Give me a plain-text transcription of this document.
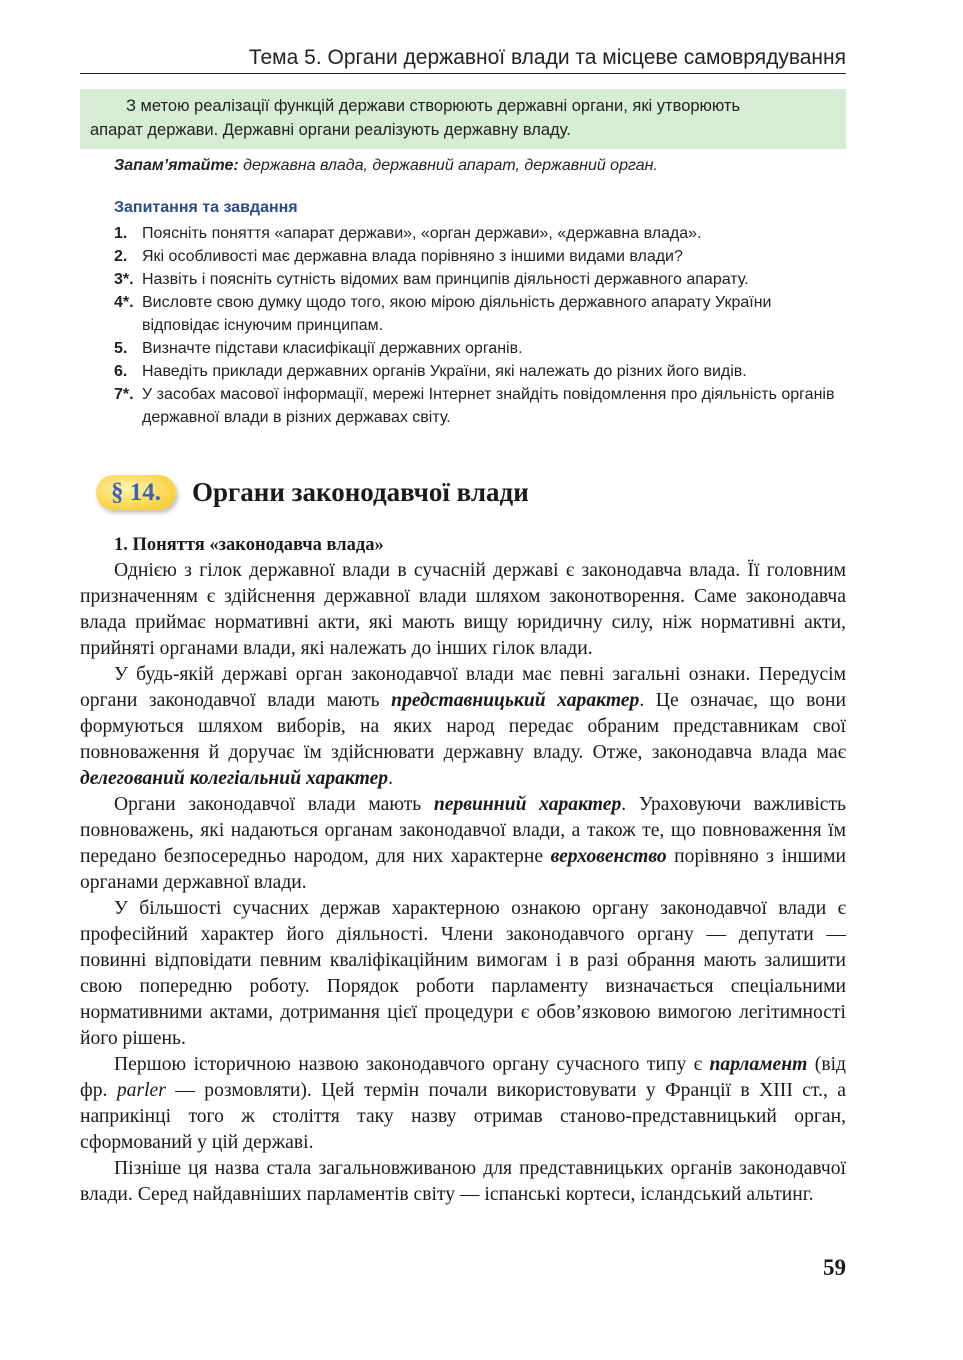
Тема 5. Органи державної влади та місцеве самоврядування
З метою реалізації функцій держави створюють державні органи, які утворюють
апарат держави. Державні органи реалізують державну владу.
Запам’ятайте: державна влада, державний апарат, державний орган.
Запитання та завдання
1. Поясніть поняття «апарат держави», «орган держави», «державна влада».
2. Які особливості має державна влада порівняно з іншими видами влади?
3*. Назвіть і поясніть сутність відомих вам принципів діяльності державного апарату.
4*. Висловте свою думку щодо того, якою мірою діяльність державного апарату України відповідає існуючим принципам.
5. Визначте підстави класифікації державних органів.
6. Наведіть приклади державних органів України, які належать до різних його видів.
7*. У засобах масової інформації, мережі Інтернет знайдіть повідомлення про діяльність органів державної влади в різних державах світу.
§ 14.	Органи законодавчої влади
1. Поняття «законодавча влада»

Однією з гілок державної влади в сучасній державі є законодавча влада. Її головним призначенням є здійснення державної влади шляхом законотворення. Саме законодавча влада приймає нормативні акти, які мають вищу юридичну силу, ніж нормативні акти, прийняті органами влади, які належать до інших гілок влади.

У будь-якій державі орган законодавчої влади має певні загальні ознаки. Передусім органи законодавчої влади мають представницький характер. Це означає, що вони формуються шляхом виборів, на яких народ передає обраним представникам свої повноваження й доручає їм здійснювати державну владу. Отже, законодавча влада має делегований колегіальний характер.

Органи законодавчої влади мають первинний характер. Ураховуючи важливість повноважень, які надаються органам законодавчої влади, а також те, що повноваження їм передано безпосередньо народом, для них характерне верховенство порівняно з іншими органами державної влади.

У більшості сучасних держав характерною ознакою органу законодавчої влади є професійний характер його діяльності. Члени законодавчого органу — депутати — повинні відповідати певним кваліфікаційним вимогам і в разі обрання мають залишити свою попередню роботу. Порядок роботи парламенту визначається спеціальними нормативними актами, дотримання цієї процедури є обов’язковою вимогою легітимності його рішень.

Першою історичною назвою законодавчого органу сучасного типу є парламент (від фр. parler — розмовляти). Цей термін почали використовувати у Франції в XIII ст., а наприкінці того ж століття таку назву отримав станово-представницький орган, сформований у цій державі.

Пізніше ця назва стала загальновживаною для представницьких органів законодавчої влади. Серед найдавніших парламентів світу — іспанські кортеси, ісландський альтинг.

59
